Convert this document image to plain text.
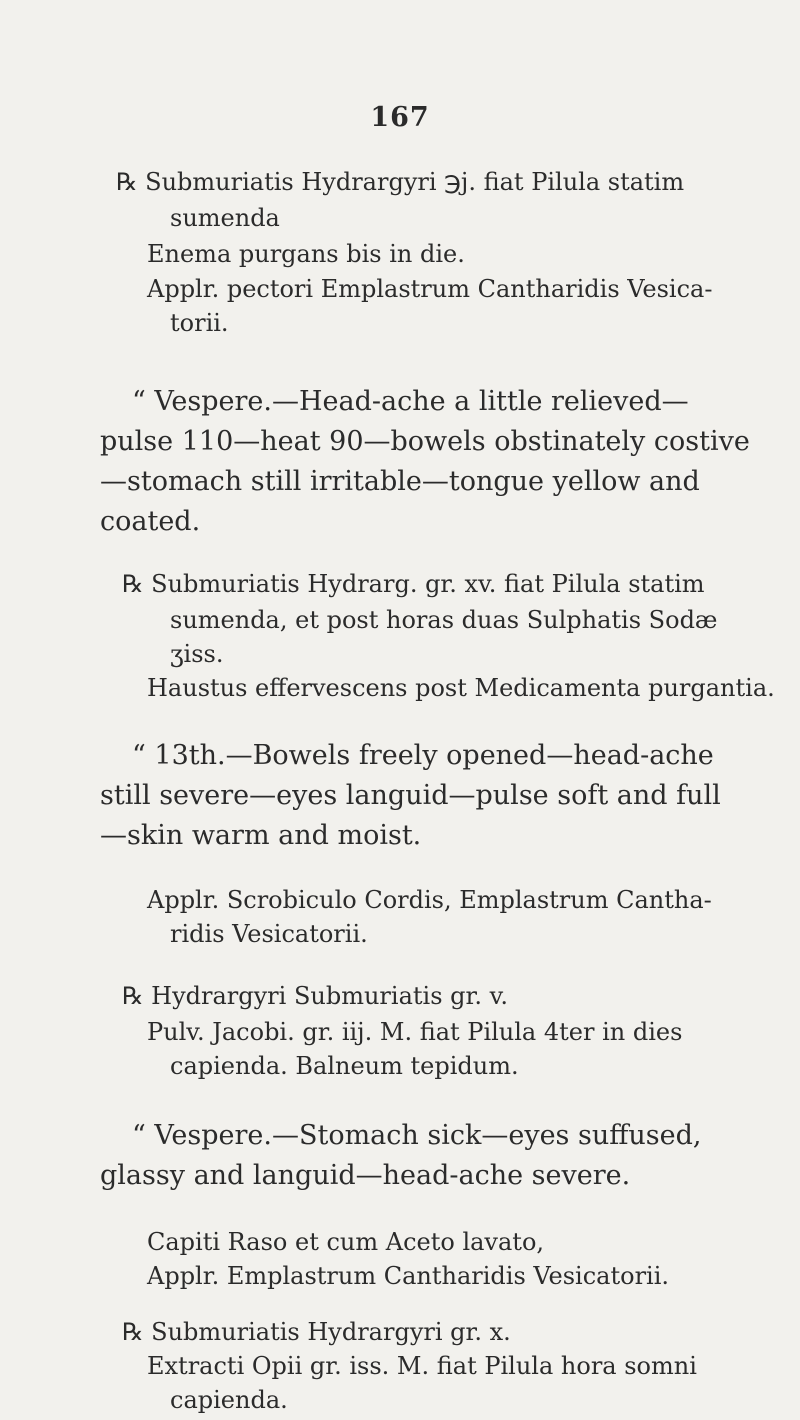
167
℞ Submuriatis Hydrargyri ℈j. fiat Pilula statim
sumenda
Enema purgans bis in die.
Applr. pectori Emplastrum Cantharidis Vesica-
torii.
“ Vespere.—Head-ache a little relieved—
pulse 110—heat 90—bowels obstinately costive
—stomach still irritable—tongue yellow and
coated.
℞ Submuriatis Hydrarg. gr. xv. fiat Pilula statim
sumenda, et post horas duas Sulphatis Sodæ
ʒiss.
Haustus effervescens post Medicamenta purgantia.
“ 13th.—Bowels freely opened—head-ache
still severe—eyes languid—pulse soft and full
—skin warm and moist.
Applr. Scrobiculo Cordis, Emplastrum Cantha-
ridis Vesicatorii.
℞ Hydrargyri Submuriatis gr. v.
Pulv. Jacobi. gr. iij. M. fiat Pilula 4ter in dies
capienda. Balneum tepidum.
“ Vespere.—Stomach sick—eyes suffused,
glassy and languid—head-ache severe.
Capiti Raso et cum Aceto lavato,
Applr. Emplastrum Cantharidis Vesicatorii.
℞ Submuriatis Hydrargyri gr. x.
Extracti Opii gr. iss. M. fiat Pilula hora somni
capienda.
